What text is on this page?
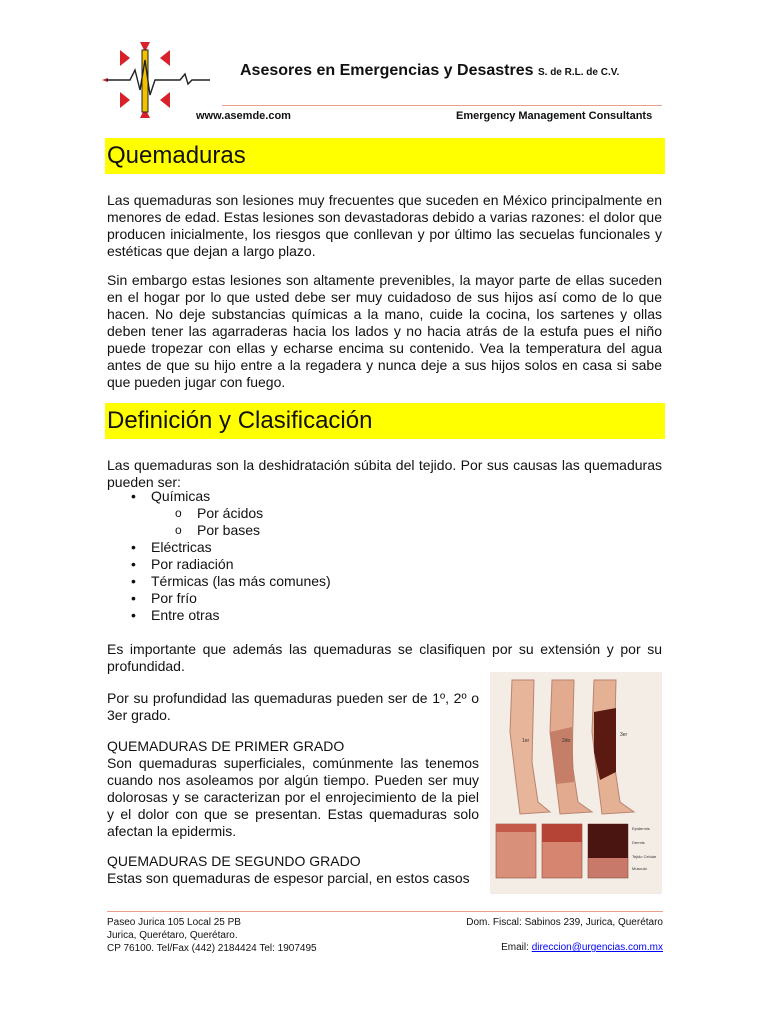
Asesores en Emergencias y Desastres S. de R.L. de C.V.
www.asemde.com	Emergency Management Consultants
Quemaduras
Las quemaduras son lesiones muy frecuentes que suceden en México principalmente en menores de edad. Estas lesiones son devastadoras debido a varias razones: el dolor que producen inicialmente, los riesgos que conllevan y por último las secuelas funcionales y estéticas que dejan a largo plazo.
Sin embargo estas lesiones son altamente prevenibles, la mayor parte de ellas suceden en el hogar por lo que usted debe ser muy cuidadoso de sus hijos así como de lo que hacen. No deje substancias químicas a la mano, cuide la cocina, los sartenes y ollas deben tener las agarraderas hacia los lados y no hacia atrás de la estufa pues el niño puede tropezar con ellas y echarse encima su contenido. Vea la temperatura del agua antes de que su hijo entre a la regadera y nunca deje a sus hijos solos en casa si sabe que pueden jugar con fuego.
Definición y Clasificación
Las quemaduras son la deshidratación súbita del tejido. Por sus causas las quemaduras pueden ser:
• Químicas
o Por ácidos
o Por bases
• Eléctricas
• Por radiación
• Térmicas (las más comunes)
• Por frío
• Entre otras
Es importante que además las quemaduras se clasifiquen por su extensión y por su profundidad.
Por su profundidad las quemaduras pueden ser de 1º, 2º o 3er grado.
QUEMADURAS DE PRIMER GRADO
Son quemaduras superficiales, comúnmente las tenemos cuando nos asoleamos por algún tiempo. Pueden ser muy dolorosas y se caracterizan por el enrojecimiento de la piel y el dolor con que se presentan. Estas quemaduras solo afectan la epidermis.
QUEMADURAS DE SEGUNDO GRADO
Estas son quemaduras de espesor parcial, en estos casos
1er	2do
3er
Epidermis
Dermis
Tejido Celular
Músculo
Paseo Jurica 105 Local 25 PB
Jurica, Querétaro, Querétaro.
CP 76100. Tel/Fax (442) 2184424 Tel: 1907495
Dom. Fiscal: Sabinos 239, Jurica, Querétaro
Email: direccion@urgencias.com.mx
